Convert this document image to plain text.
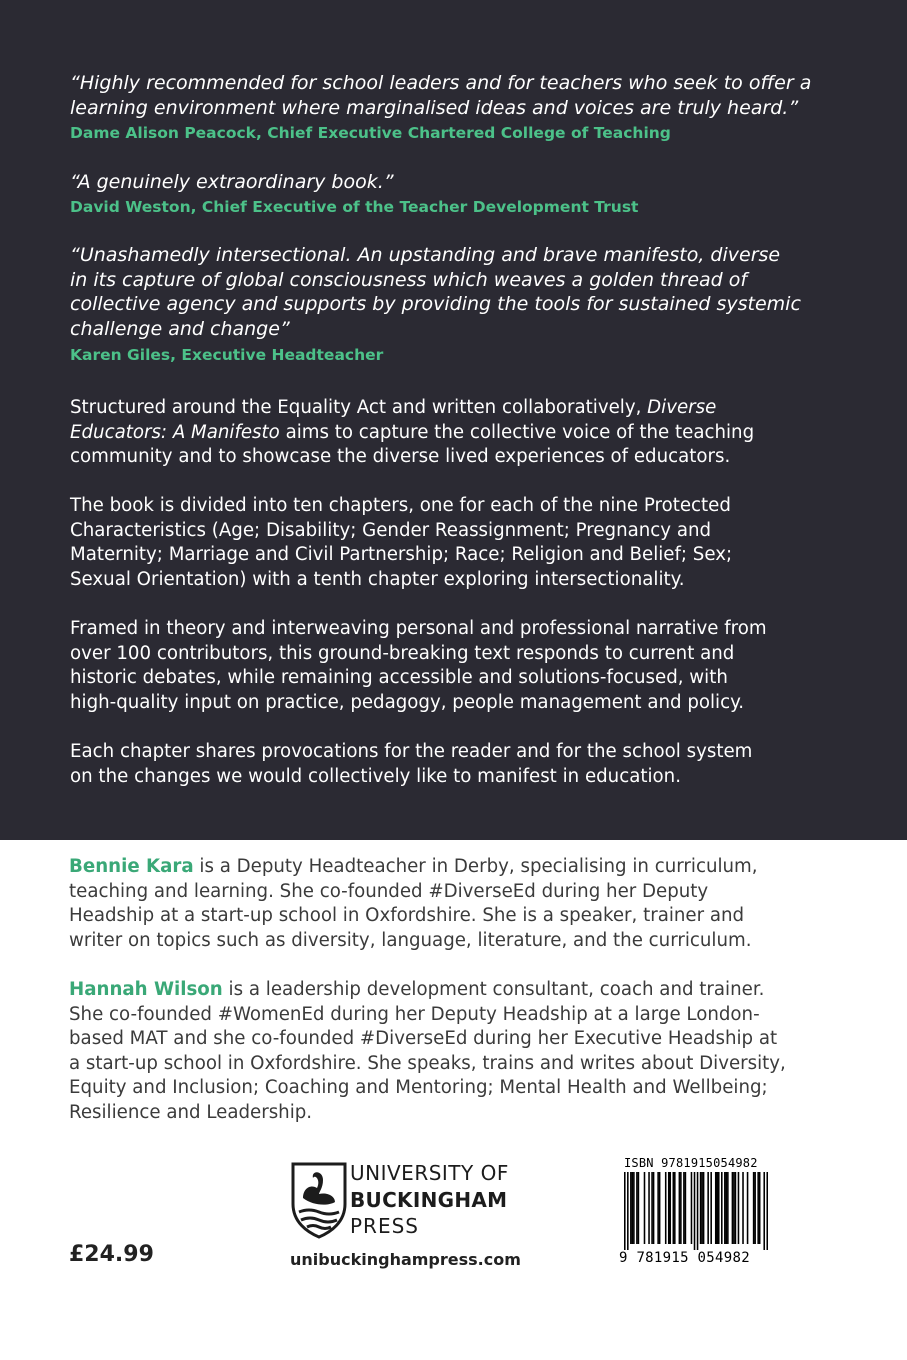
“Highly recommended for school leaders and for teachers who seek to offer a
learning environment where marginalised ideas and voices are truly heard.”

Dame Alison Peacock, Chief Executive Chartered College of Teaching

“A genuinely extraordinary book.”

David Weston, Chief Executive of the Teacher Development Trust

“Unashamedly intersectional. An upstanding and brave manifesto, diverse
in its capture of global consciousness which weaves a golden thread of
collective agency and supports by providing the tools for sustained systemic
challenge and change”

Karen Giles, Executive Headteacher

Structured around the Equality Act and written collaboratively, Diverse
Educators: A Manifesto aims to capture the collective voice of the teaching
community and to showcase the diverse lived experiences of educators.

The book is divided into ten chapters, one for each of the nine Protected
Characteristics (Age; Disability; Gender Reassignment; Pregnancy and
Maternity; Marriage and Civil Partnership; Race; Religion and Belief; Sex;
Sexual Orientation) with a tenth chapter exploring intersectionality.

Framed in theory and interweaving personal and professional narrative from
over 100 contributors, this ground-breaking text responds to current and
historic debates, while remaining accessible and solutions-focused, with
high-quality input on practice, pedagogy, people management and policy.

Each chapter shares provocations for the reader and for the school system
on the changes we would collectively like to manifest in education.

Bennie Kara is a Deputy Headteacher in Derby, specialising in curriculum,
teaching and learning. She co-founded #DiverseEd during her Deputy
Headship at a start-up school in Oxfordshire. She is a speaker, trainer and
writer on topics such as diversity, language, literature, and the curriculum.

Hannah Wilson is a leadership development consultant, coach and trainer.
She co-founded #WomenEd during her Deputy Headship at a large London-
based MAT and she co-founded #DiverseEd during her Executive Headship at
a start-up school in Oxfordshire. She speaks, trains and writes about Diversity,
Equity and Inclusion; Coaching and Mentoring; Mental Health and Wellbeing;
Resilience and Leadership.

UNIVERSITY OF
BUCKINGHAM
PRESS
£24.99	unibuckinghampress.com
ISBN 9781915054982
9 781915 054982
